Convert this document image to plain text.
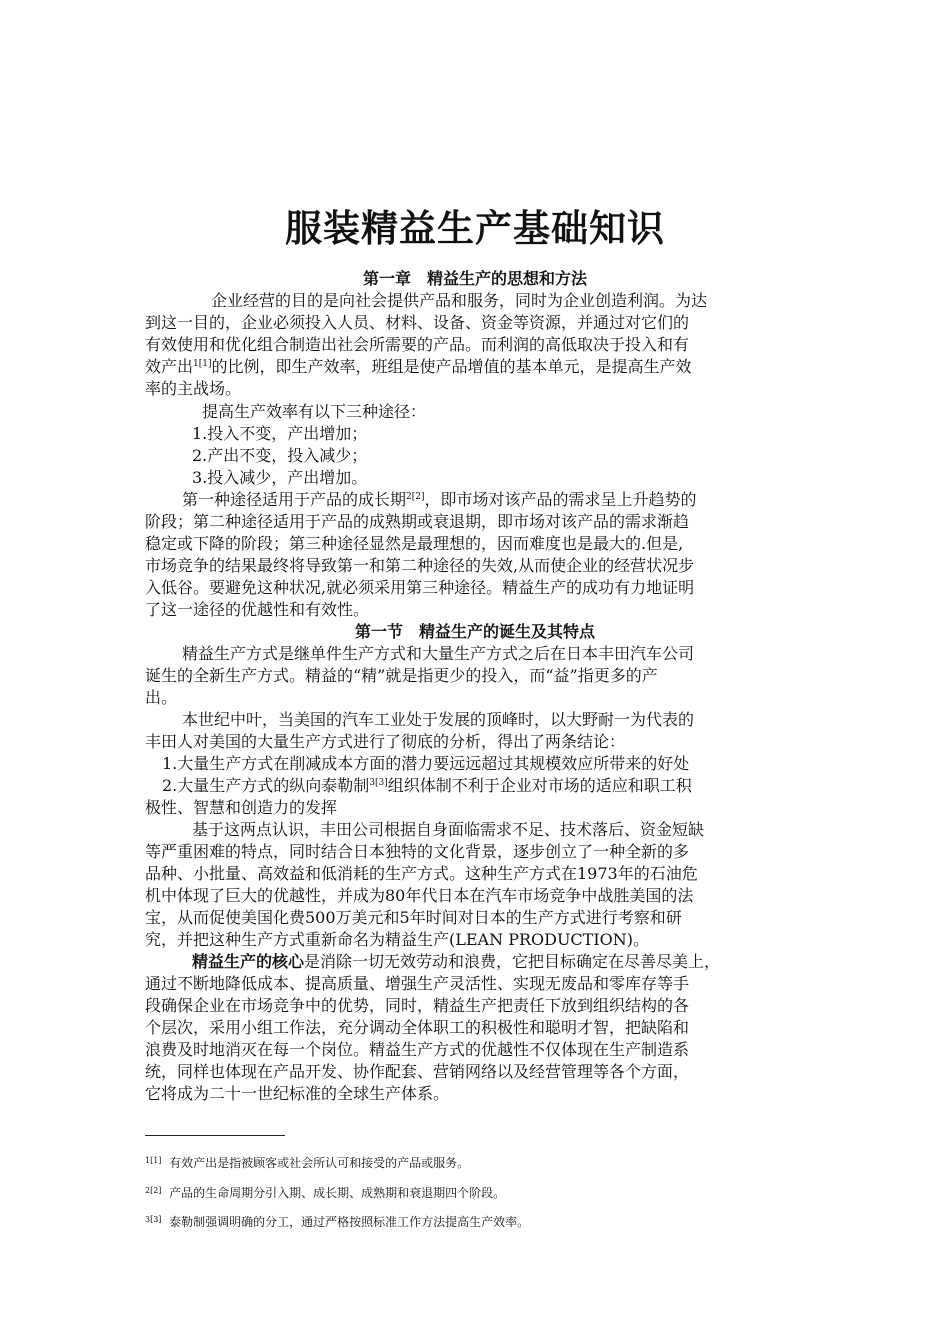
服装精益生产基础知识
第一章　精益生产的思想和方法
企业经营的目的是向社会提供产品和服务，同时为企业创造利润。为达
到这一目的，企业必须投入人员、材料、设备、资金等资源，并通过对它们的
有效使用和优化组合制造出社会所需要的产品。而利润的高低取决于投入和有
效产出$^{1[1]}$的比例，即生产效率，班组是使产品增值的基本单元，是提高生产效
率的主战场。
提高生产效率有以下三种途径：
1.投入不变，产出增加；
2.产出不变，投入减少；
3.投入减少，产出增加。
第一种途径适用于产品的成长期$^{2[2]}$，即市场对该产品的需求呈上升趋势的
阶段；第二种途径适用于产品的成熟期或衰退期，即市场对该产品的需求渐趋
稳定或下降的阶段；第三种途径显然是最理想的，因而难度也是最大的.但是,
市场竞争的结果最终将导致第一和第二种途径的失效,从而使企业的经营状况步
入低谷。要避免这种状况,就必须采用第三种途径。精益生产的成功有力地证明
了这一途径的优越性和有效性。
第一节　精益生产的诞生及其特点
精益生产方式是继单件生产方式和大量生产方式之后在日本丰田汽车公司
诞生的全新生产方式。精益的“精”就是指更少的投入，而“益”指更多的产
出。
本世纪中叶，当美国的汽车工业处于发展的顶峰时，以大野耐一为代表的
丰田人对美国的大量生产方式进行了彻底的分析，得出了两条结论：
1.大量生产方式在削减成本方面的潜力要远远超过其规模效应所带来的好处
2.大量生产方式的纵向泰勒制$^{3[3]}$组织体制不利于企业对市场的适应和职工积
极性、智慧和创造力的发挥
基于这两点认识，丰田公司根据自身面临需求不足、技术落后、资金短缺
等严重困难的特点，同时结合日本独特的文化背景，逐步创立了一种全新的多
品种、小批量、高效益和低消耗的生产方式。这种生产方式在1973年的石油危
机中体现了巨大的优越性，并成为80年代日本在汽车市场竞争中战胜美国的法
宝，从而促使美国化费500万美元和5年时间对日本的生产方式进行考察和研
究，并把这种生产方式重新命名为精益生产(LEAN PRODUCTION)。
精益生产的核心是消除一切无效劳动和浪费，它把目标确定在尽善尽美上，
通过不断地降低成本、提高质量、增强生产灵活性、实现无废品和零库存等手
段确保企业在市场竞争中的优势，同时，精益生产把责任下放到组织结构的各
个层次，采用小组工作法，充分调动全体职工的积极性和聪明才智，把缺陷和
浪费及时地消灭在每一个岗位。精益生产方式的优越性不仅体现在生产制造系
统，同样也体现在产品开发、协作配套、营销网络以及经营管理等各个方面，
它将成为二十一世纪标准的全球生产体系。
$^{1[1]}$ 有效产出是指被顾客或社会所认可和接受的产品或服务。
$^{2[2]}$ 产品的生命周期分引入期、成长期、成熟期和衰退期四个阶段。
$^{3[3]}$ 泰勒制强调明确的分工，通过严格按照标准工作方法提高生产效率。
